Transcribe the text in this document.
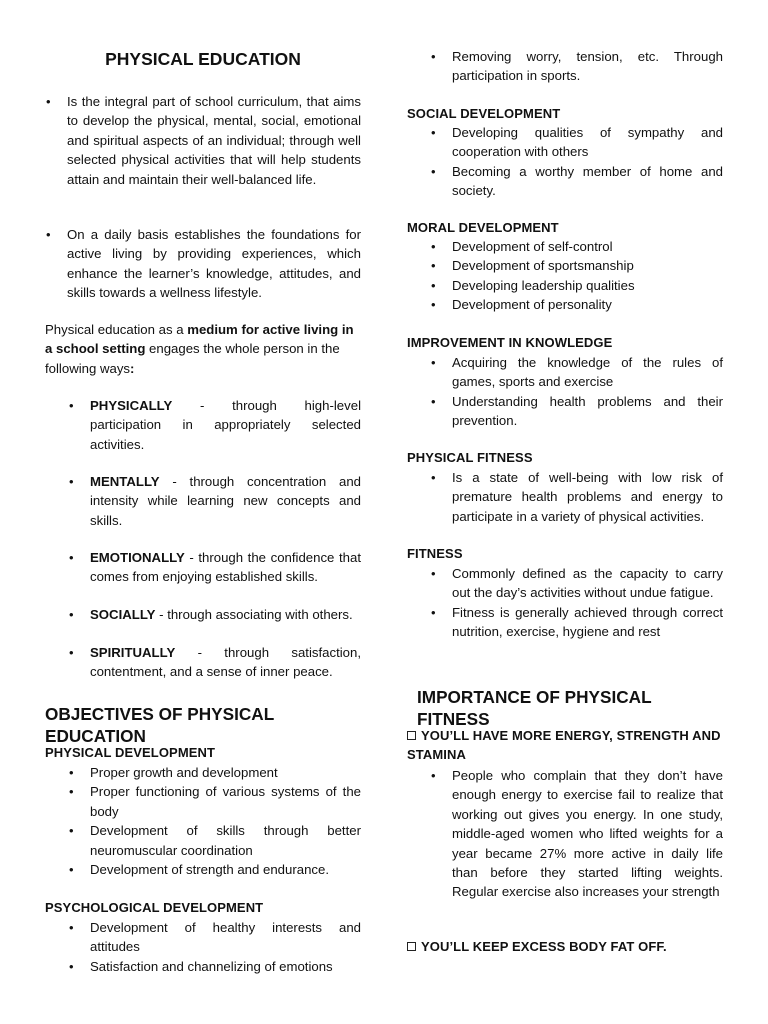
PHYSICAL EDUCATION
• Is the integral part of school curriculum, that aims to develop the physical, mental, social, emotional and spiritual aspects of an individual; through well selected physical activities that will help students attain and maintain their well-balanced life.
• On a daily basis establishes the foundations for active living by providing experiences, which enhance the learner’s knowledge, attitudes, and skills towards a wellness lifestyle.

Physical education as a medium for active living in a school setting engages the whole person in the following ways:

• PHYSICALLY - through high-level participation in appropriately selected activities.
• MENTALLY - through concentration and intensity while learning new concepts and skills.
• EMOTIONALLY - through the confidence that comes from enjoying established skills.
• SOCIALLY - through associating with others.
• SPIRITUALLY - through satisfaction, contentment, and a sense of inner peace.
OBJECTIVES OF PHYSICAL EDUCATION
PHYSICAL DEVELOPMENT
• Proper growth and development
• Proper functioning of various systems of the body
• Development of skills through better neuromuscular coordination
• Development of strength and endurance.
PSYCHOLOGICAL DEVELOPMENT
• Development of healthy interests and attitudes
• Satisfaction and channelizing of emotions
• Removing worry, tension, etc. Through participation in sports.
SOCIAL DEVELOPMENT
• Developing qualities of sympathy and cooperation with others
• Becoming a worthy member of home and society.
MORAL DEVELOPMENT
• Development of self-control
• Development of sportsmanship
• Developing leadership qualities
• Development of personality
IMPROVEMENT IN KNOWLEDGE
• Acquiring the knowledge of the rules of games, sports and exercise
• Understanding health problems and their prevention.
PHYSICAL FITNESS
• Is a state of well-being with low risk of premature health problems and energy to participate in a variety of physical activities.
FITNESS
• Commonly defined as the capacity to carry out the day’s activities without undue fatigue.
• Fitness is generally achieved through correct nutrition, exercise, hygiene and rest
IMPORTANCE OF PHYSICAL FITNESS
YOU’LL HAVE MORE ENERGY, STRENGTH AND STAMINA
• People who complain that they don’t have enough energy to exercise fail to realize that working out gives you energy. In one study, middle-aged women who lifted weights for a year became 27% more active in daily life than before they started lifting weights. Regular exercise also increases your strength
YOU’LL KEEP EXCESS BODY FAT OFF.
